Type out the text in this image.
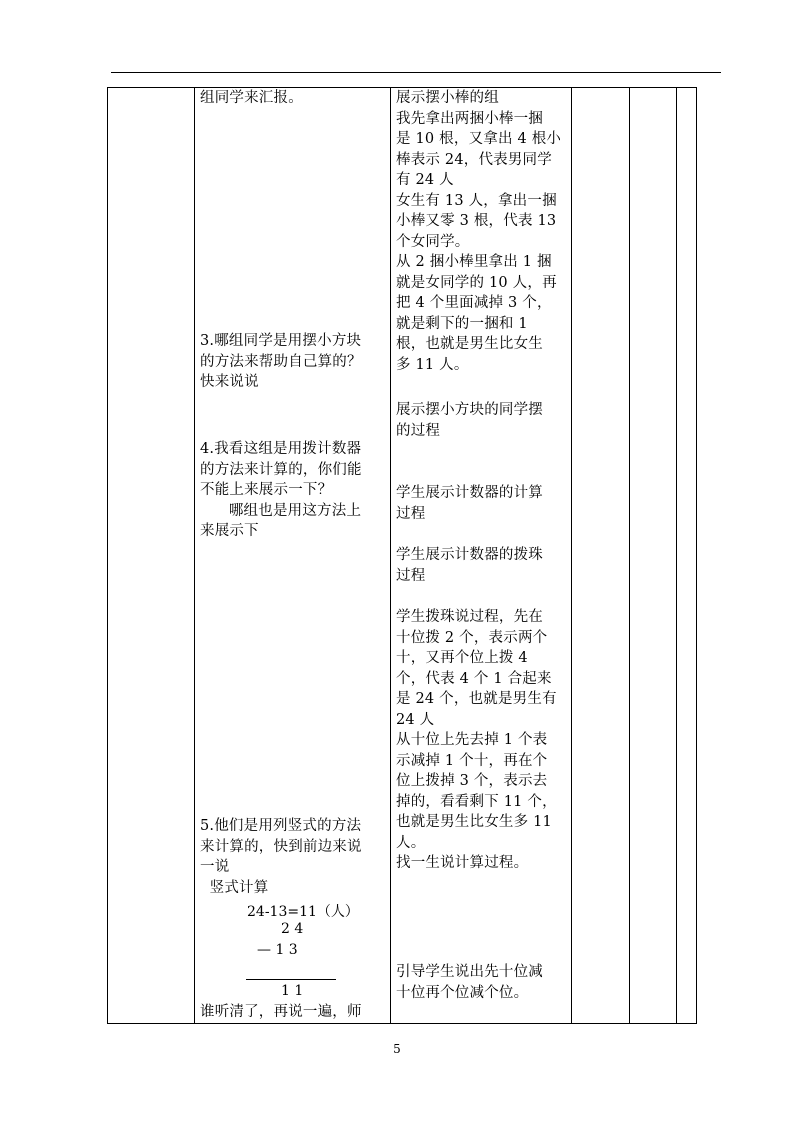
组同学来汇报。
3.哪组同学是用摆小方块
的方法来帮助自己算的？
快来说说
4.我看这组是用拨计数器
的方法来计算的，你们能
不能上来展示一下？
哪组也是用这方法上
来展示下
5.他们是用列竖式的方法
来计算的，快到前边来说
一说
竖式计算
24-13=11（人）
2 4
— 1 3
1 1
谁听清了，再说一遍，师
展示摆小棒的组
我先拿出两捆小棒一捆
是 10 根，又拿出 4 根小
棒表示 24，代表男同学
有 24 人
女生有 13 人，拿出一捆
小棒又零 3 根，代表 13
个女同学。
从 2 捆小棒里拿出 1 捆
就是女同学的 10 人，再
把 4 个里面减掉 3 个，
就是剩下的一捆和 1
根，也就是男生比女生
多 11 人。
展示摆小方块的同学摆
的过程
学生展示计数器的计算
过程
学生展示计数器的拨珠
过程
学生拨珠说过程，先在
十位拨 2 个，表示两个
十，又再个位上拨 4
个，代表 4 个 1 合起来
是 24 个，也就是男生有
24 人
从十位上先去掉 1 个表
示减掉 1 个十，再在个
位上拨掉 3 个，表示去
掉的，看看剩下 11 个，
也就是男生比女生多 11
人。
找一生说计算过程。
引导学生说出先十位减
十位再个位减个位。
5
